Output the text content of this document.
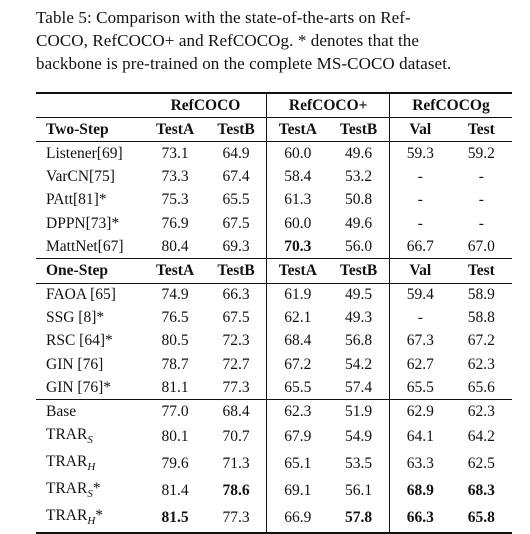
Table 5: Comparison with the state-of-the-arts on Ref-

COCO, RefCOCO+ and RefCOCOg. * denotes that the

backbone is pre-trained on the complete MS-COCO dataset.

	RefCOCO		RefCOCO+		RefCOCOg	
Two-Step	TestA	TestB	TestA	TestB	Val	Test
Listener[69]	73.1	64.9	60.0	49.6	59.3	59.2
VarCN[75]	73.3	67.4	58.4	53.2	-	-
PAtt[81]*	75.3	65.5	61.3	50.8	-	-
DPPN[73]*	76.9	67.5	60.0	49.6	-	-
MattNet[67]	80.4	69.3	70.3	56.0	66.7	67.0
One-Step	TestA	TestB	TestA	TestB	Val	Test
FAOA [65]	74.9	66.3	61.9	49.5	59.4	58.9
SSG [8]*	76.5	67.5	62.1	49.3	-	58.8
RSC [64]*	80.5	72.3	68.4	56.8	67.3	67.2
GIN [76]	78.7	72.7	67.2	54.2	62.7	62.3
GIN [76]*	81.1	77.3	65.5	57.4	65.5	65.6
Base	77.0	68.4	62.3	51.9	62.9	62.3
$TRAR_S$	80.1	70.7	67.9	54.9	64.1	64.2
$TRAR_H$	79.6	71.3	65.1	53.5	63.3	62.5
$TRAR_S*$	81.4	78.6	69.1	56.1	68.9	68.3
$TRAR_H*$	81.5	77.3	66.9	57.8	66.3	65.8
